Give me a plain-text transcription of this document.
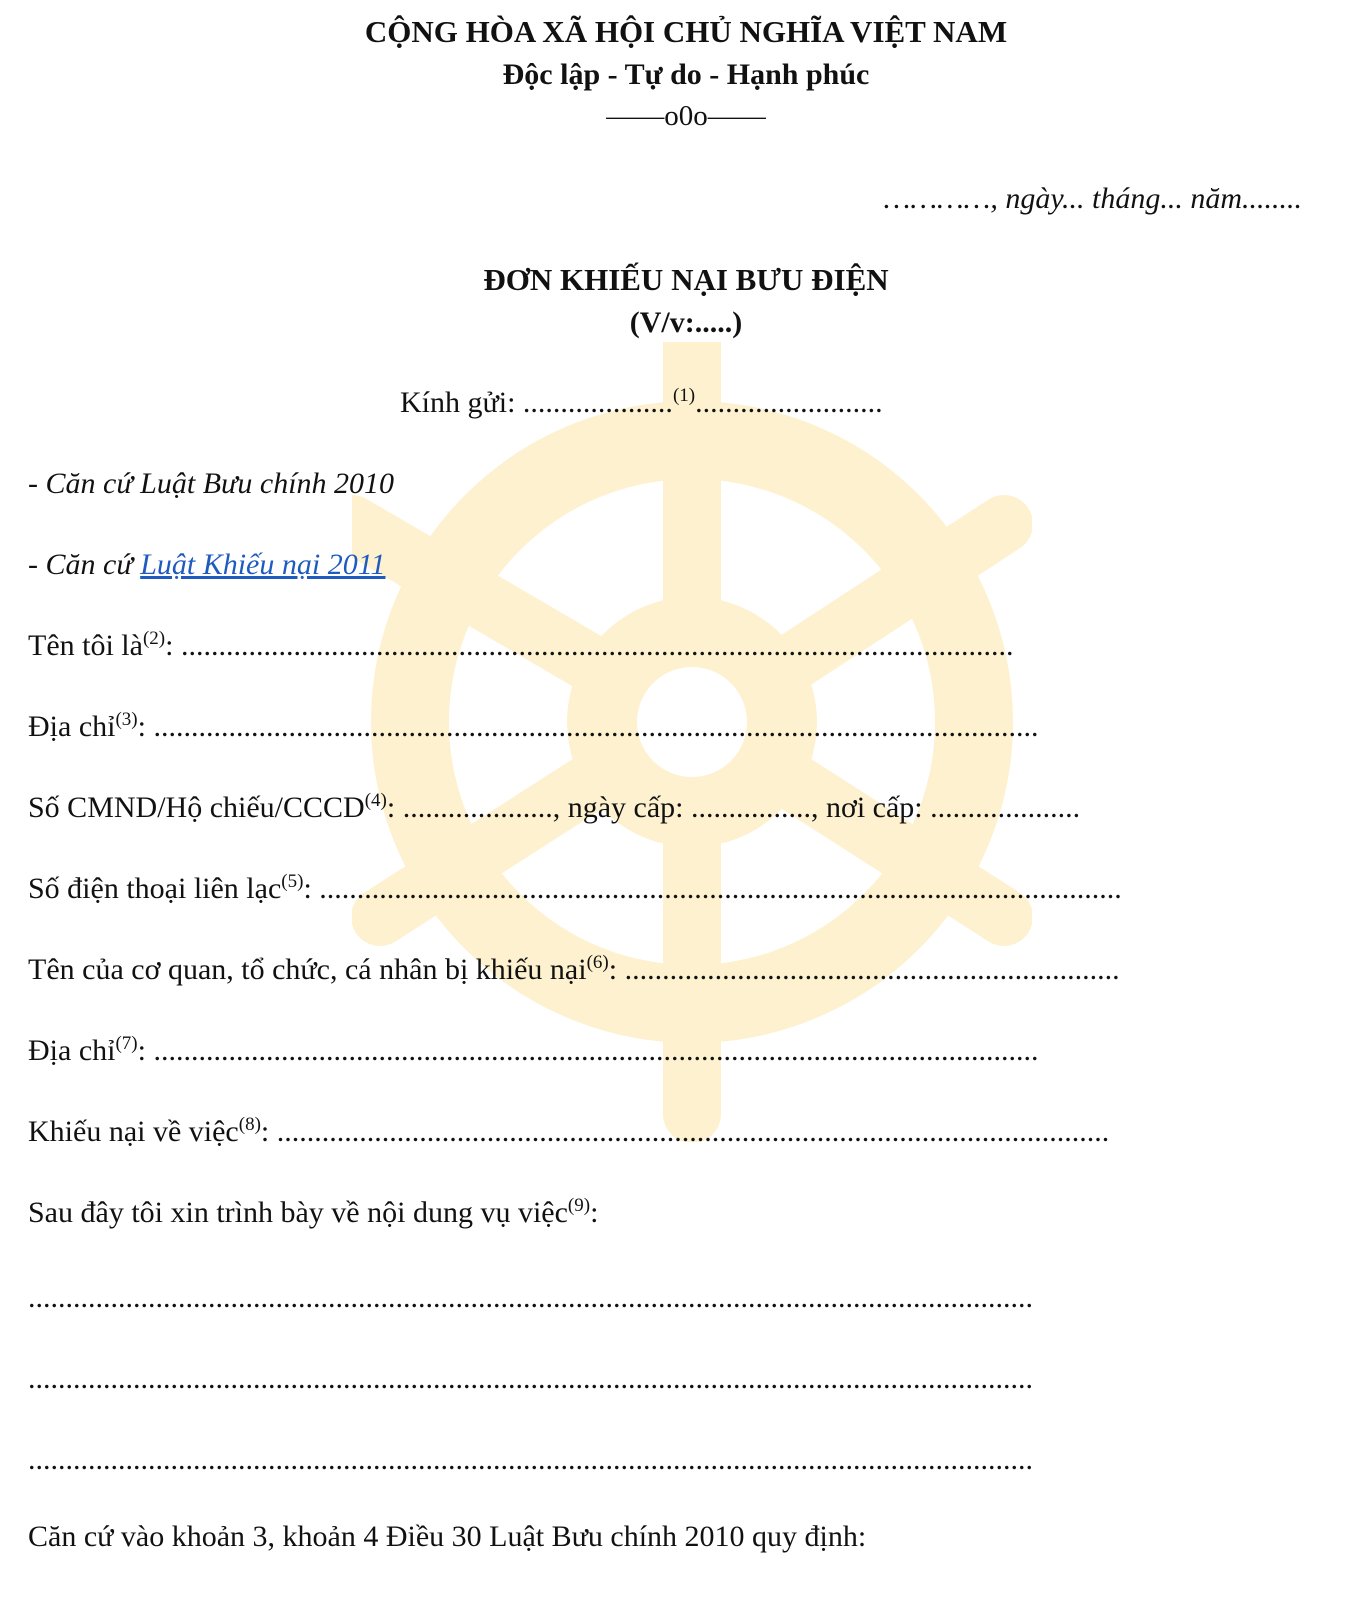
CỘNG HÒA XÃ HỘI CHỦ NGHĨA VIỆT NAM
Độc lập - Tự do - Hạnh phúc
——o0o——
…………, ngày... tháng... năm........
ĐƠN KHIẾU NẠI BƯU ĐIỆN
(V/v:.....)
Kính gửi: ....................$^{(1)}$.........................
- Căn cứ Luật Bưu chính 2010
- Căn cứ Luật Khiếu nại 2011
Tên tôi $là^{(2)}$: ...............................................................................................................
Địa chỉ$^{(3)}$: ......................................................................................................................
Số CMND/Hộ chiếu/CCCD$^{(4)}$: ...................., ngày cấp: ................, nơi cấp: ....................
Số điện thoại liên lạc$^{(5)}$: ...........................................................................................................
Tên của cơ quan, tổ chức, cá nhân bị khiếu nại$^{(6)}$: ..................................................................
Địa chỉ$^{(7)}$: ......................................................................................................................
Khiếu nại về việc$^{(8)}$: ...............................................................................................................
Sau đây tôi xin trình bày về nội dung vụ việc$^{(9)}$:
......................................................................................................................................
......................................................................................................................................
......................................................................................................................................
Căn cứ vào khoản 3, khoản 4 Điều 30 Luật Bưu chính 2010 quy định:
